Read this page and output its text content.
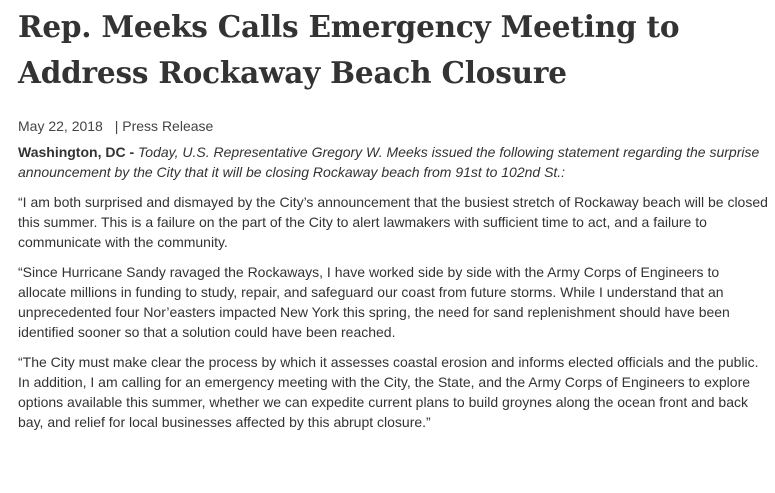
Rep. Meeks Calls Emergency Meeting to Address Rockaway Beach Closure
May 22, 2018 | Press Release

Washington, DC - Today, U.S. Representative Gregory W. Meeks issued the following statement regarding the surprise announcement by the City that it will be closing Rockaway beach from 91st to 102nd St.:

“I am both surprised and dismayed by the City’s announcement that the busiest stretch of Rockaway beach will be closed this summer. This is a failure on the part of the City to alert lawmakers with sufficient time to act, and a failure to communicate with the community.

“Since Hurricane Sandy ravaged the Rockaways, I have worked side by side with the Army Corps of Engineers to allocate millions in funding to study, repair, and safeguard our coast from future storms. While I understand that an unprecedented four Nor’easters impacted New York this spring, the need for sand replenishment should have been identified sooner so that a solution could have been reached.

“The City must make clear the process by which it assesses coastal erosion and informs elected officials and the public. In addition, I am calling for an emergency meeting with the City, the State, and the Army Corps of Engineers to explore options available this summer, whether we can expedite current plans to build groynes along the ocean front and back bay, and relief for local businesses affected by this abrupt closure.”
